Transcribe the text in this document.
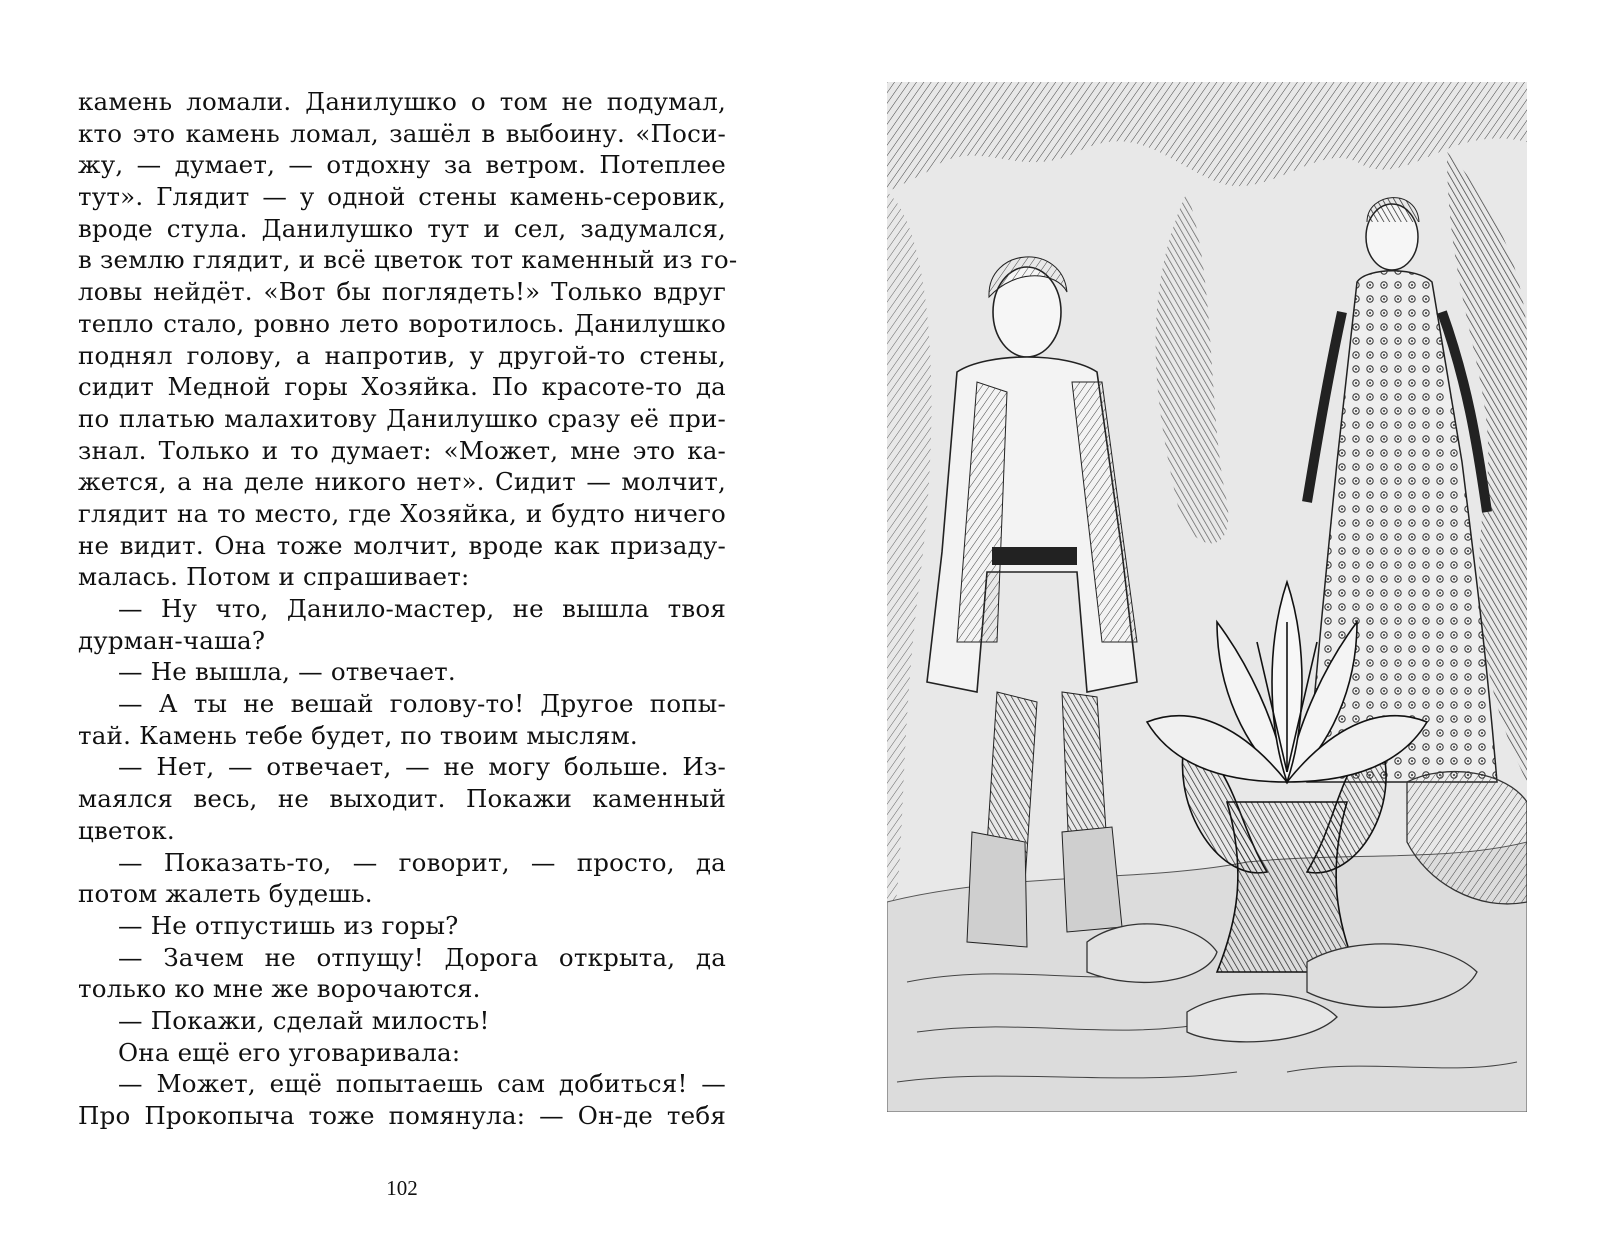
камень ломали. Данилушко о том не подумал,
кто это камень ломал, зашёл в выбоину. «Поси-
жу, — думает, — отдохну за ветром. Потеплее
тут». Глядит — у одной стены камень-серовик,
вроде стула. Данилушко тут и сел, задумался,
в землю глядит, и всё цветок тот каменный из го-
ловы нейдёт. «Вот бы поглядеть!» Только вдруг
тепло стало, ровно лето воротилось. Данилушко
поднял голову, а напротив, у другой-то стены,
сидит Медной горы Хозяйка. По красоте-то да
по платью малахитову Данилушко сразу её при-
знал. Только и то думает: «Может, мне это ка-
жется, а на деле никого нет». Сидит — молчит,
глядит на то место, где Хозяйка, и будто ничего
не видит. Она тоже молчит, вроде как призаду-
малась. Потом и спрашивает:
— Ну что, Данило-мастер, не вышла твоя
дурман-чаша?
— Не вышла, — отвечает.
— А ты не вешай голову-то! Другое попы-
тай. Камень тебе будет, по твоим мыслям.
— Нет, — отвечает, — не могу больше. Из-
маялся весь, не выходит. Покажи каменный
цветок.
— Показать-то, — говорит, — просто, да
потом жалеть будешь.
— Не отпустишь из горы?
— Зачем не отпущу! Дорога открыта, да
только ко мне же ворочаются.
— Покажи, сделай милость!
Она ещё его уговаривала:
— Может, ещё попытаешь сам добиться! —
Про Прокопыча тоже помянула: — Он-де тебя
102
